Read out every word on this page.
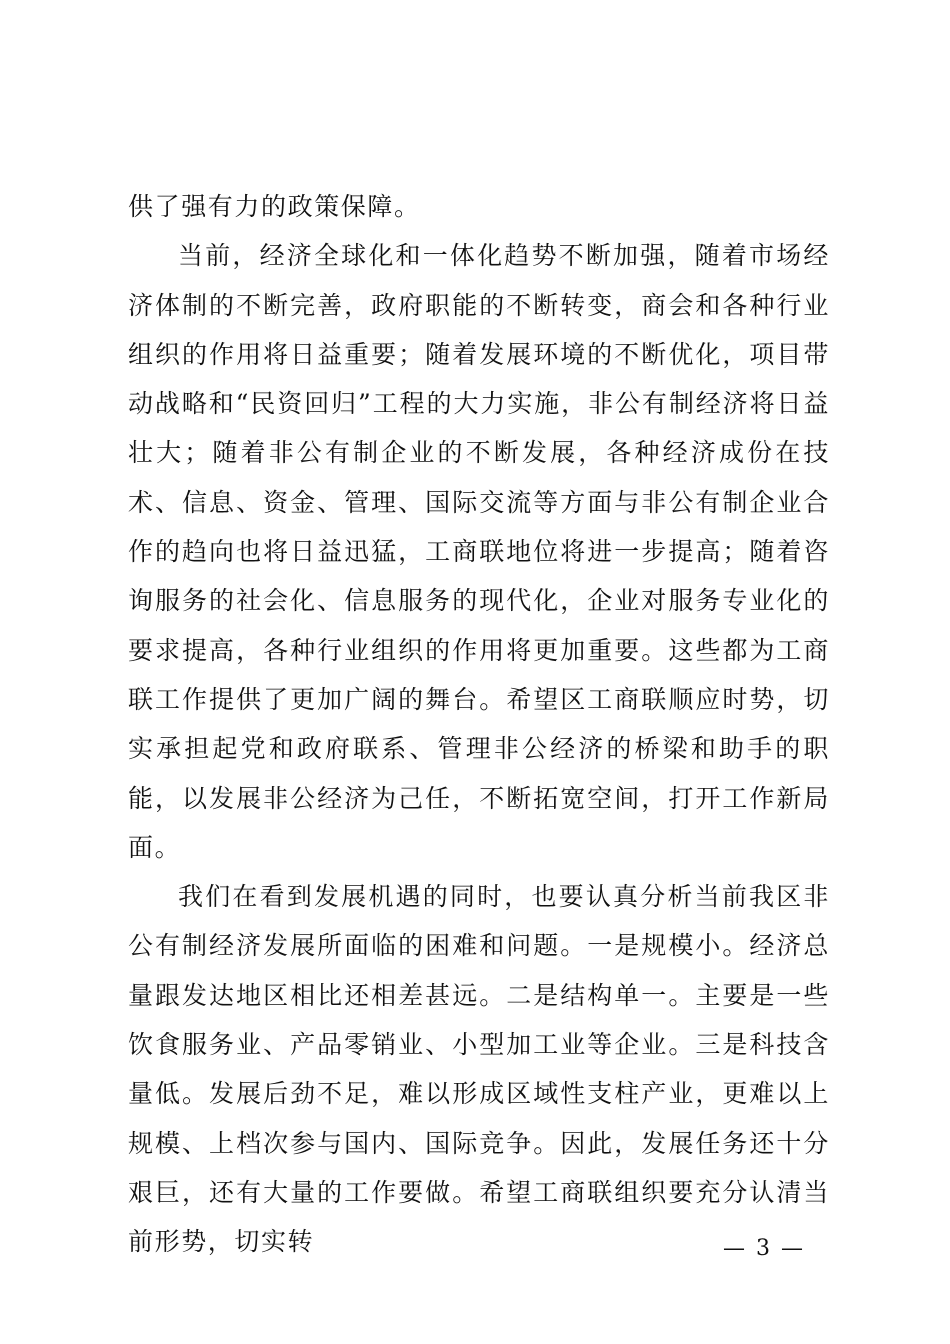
供了强有力的政策保障。

当前，经济全球化和一体化趋势不断加强，随着市场经济体制的不断完善，政府职能的不断转变，商会和各种行业组织的作用将日益重要；随着发展环境的不断优化，项目带动战略和“民资回归”工程的大力实施，非公有制经济将日益壮大；随着非公有制企业的不断发展，各种经济成份在技术、信息、资金、管理、国际交流等方面与非公有制企业合作的趋向也将日益迅猛，工商联地位将进一步提高；随着咨询服务的社会化、信息服务的现代化，企业对服务专业化的要求提高，各种行业组织的作用将更加重要。这些都为工商联工作提供了更加广阔的舞台。希望区工商联顺应时势，切实承担起党和政府联系、管理非公经济的桥梁和助手的职能，以发展非公经济为己任，不断拓宽空间，打开工作新局面。

我们在看到发展机遇的同时，也要认真分析当前我区非公有制经济发展所面临的困难和问题。一是规模小。经济总量跟发达地区相比还相差甚远。二是结构单一。主要是一些饮食服务业、产品零销业、小型加工业等企业。三是科技含量低。发展后劲不足，难以形成区域性支柱产业，更难以上规模、上档次参与国内、国际竞争。因此，发展任务还十分艰巨，还有大量的工作要做。希望工商联组织要充分认清当前形势，切实转	— 3 —
